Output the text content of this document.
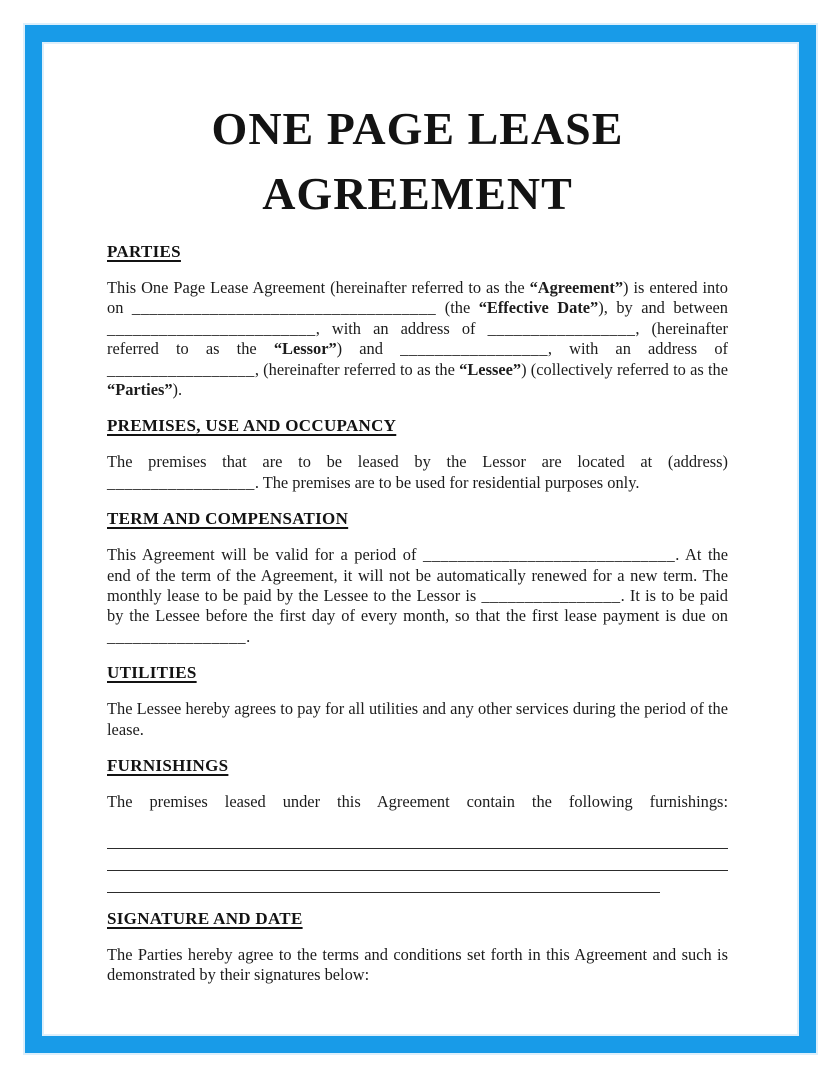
ONE PAGE LEASE
AGREEMENT
PARTIES

This One Page Lease Agreement (hereinafter referred to as the “Agreement”) is entered into on ___________________________________ (the “Effective Date”), by and between ________________________, with an address of _________________, (hereinafter referred to as the “Lessor”) and _________________, with an address of _________________, (hereinafter referred to as the “Lessee”) (collectively referred to as the “Parties”).

PREMISES, USE AND OCCUPANCY

The premises that are to be leased by the Lessor are located at (address) _________________. The premises are to be used for residential purposes only.

TERM AND COMPENSATION

This Agreement will be valid for a period of _____________________________. At the end of the term of the Agreement, it will not be automatically renewed for a new term. The monthly lease to be paid by the Lessee to the Lessor is ________________. It is to be paid by the Lessee before the first day of every month, so that the first lease payment is due on ________________.

UTILITIES

The Lessee hereby agrees to pay for all utilities and any other services during the period of the lease.

FURNISHINGS

The premises leased under this Agreement contain the following furnishings:

SIGNATURE AND DATE

The Parties hereby agree to the terms and conditions set forth in this Agreement and such is demonstrated by their signatures below:
